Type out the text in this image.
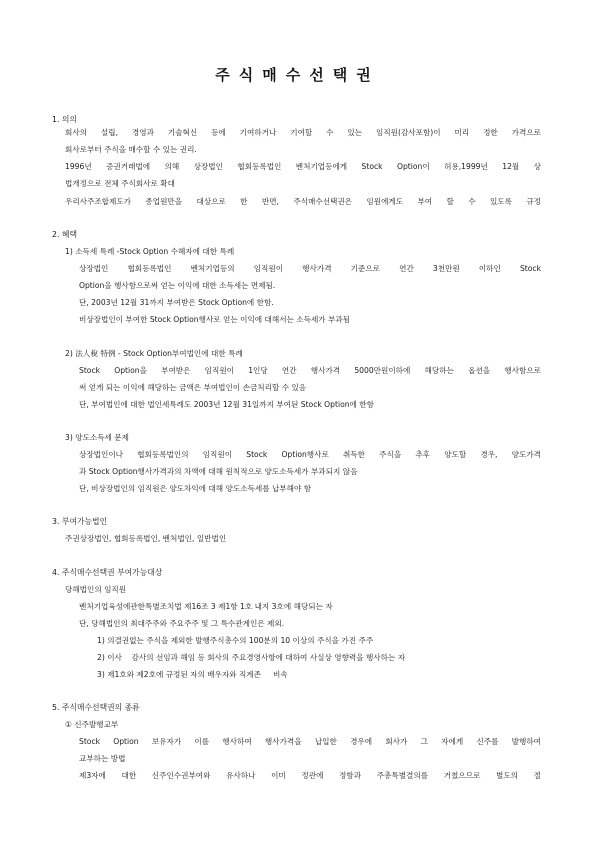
주식매수선택권
1. 의의
회사의 설립, 경영과 기술혁신 등에 기여하거나 기여할 수 있는 임직원(감사포함)이 미리 정한 가격으로
회사로부터 주식을 매수할 수 있는 권리.
1996년 증권거래법에 의해 상장법인 협회등록법인 벤처기업등에게 Stock Option이 허용,1999년 12월 상
법개정으로 전체 주식회사로 확대
우리사주조합제도가 종업원만을 대상으로 한 반면, 주식매수선택권은 임원에게도 부여 할 수 있도록 규정
2. 혜택
1) 소득세 특례 -Stock Option 수혜자에 대한 특례
상장법인 협회등록법인 벤처기업등의 임직원이 행사가격 기준으로 연간 3천만원 이하인 Stock
Option을 행사함으로써 얻는 이익에 대한 소득세는 면제됨.
단, 2003년 12월 31까지 부여받은 Stock Option에 한함.
비상장법인이 부여한 Stock Option행사로 얻는 이익에 대해서는 소득세가 부과됨
2) 法人稅 特例 - Stock Option부여법인에 대한 특례
Stock Option을 부여받은 임직원이 1인당 연간 행사가격 5000만원이하에 해당하는 옵션을 행사함으로
써 얻게 되는 이익에 해당하는 금액은 부여법인이 손금처리할 수 있음
단, 부여법인에 대한 법인세특례도 2003년 12월 31일까지 부여된 Stock Option에 한함
3) 양도소득세 문제
상장법인이나 협회등록법인의 임직원이 Stock Option행사로 취득한 주식을 추후 양도할 경우, 양도가격
과 Stock Option행사가격과의 차액에 대해 원칙적으로 양도소득세가 부과되지 않음
단, 비상장법인의 임직원은 양도차익에 대해 양도소득세를 납부해야 함
3. 부여가능법인
주권상장법인, 협회등록법인, 벤처법인, 일반법인
4. 주식매수선택권 부여가능대상
당해법인의 임직원
벤처기업육성에관한특별조치법 제16조 3 제1항 1호 내지 3호에 해당되는 자
단, 당해법인의 최대주주와 주요주주 및 그 특수관계인은 제외.
1) 의결권없는 주식을 제외한 발행주식총수의 100분의 10 이상의 주식을 가진 주주
2) 이사    감사의 선임과 해임 등 회사의 주요경영사항에 대하여 사실상 영향력을 행사하는 자
3) 제1호와 제2호에 규정된 자의 배우자와 직계존     비속
5. 주식매수선택권의 종류
① 신주발행교부
Stock Option 보유자가 이를 행사하여 행사가격을 납입한 경우에 회사가 그 자에게 신주를 발행하여
교부하는 방법
제3자에 대한 신주인수권부여와 유사하나 이미 정관에 정함과 주총특별결의를 거쳤으므로 별도의 절
